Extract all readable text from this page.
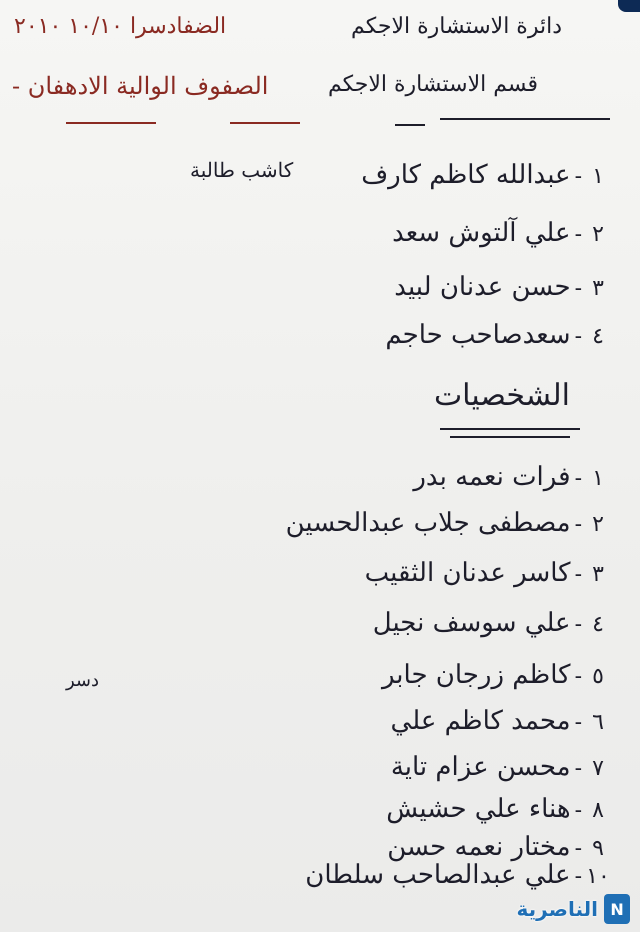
دائرة الاستشارة الاجكم
قسم الاستشارة الاجكم
الضفادسرا ١٠/١٠ ٢٠١٠
الصفوف الوالية الادهفان -
كاشب طالبة	١-عبدالله كاظم كارف
٢-علي آلتوش سعد
٣-حسن عدنان لبيد
٤-سعدصاحب حاجم
الشخصيات
١-فرات نعمه بدر
٢-مصطفى جلاب عبدالحسين
٣-كاسر عدنان الثقيب
٤-علي سوسف نجيل
٥-كاظم زرجان جابر
٦-محمد كاظم علي
٧-محسن عزام تاية
٨-هناء علي حشيش
٩-مختار نعمه حسن
١٠-علي عبدالصاحب سلطان
دسر
N
الناصرية
